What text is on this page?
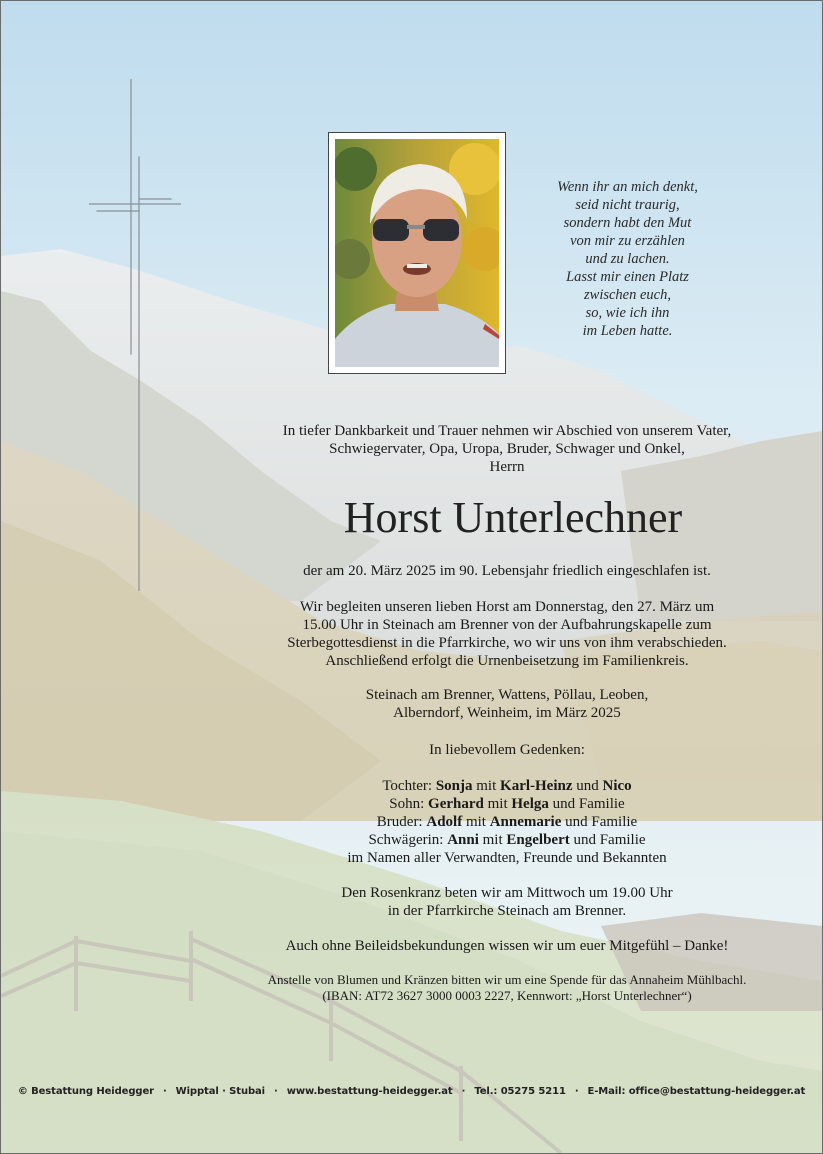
Wenn ihr an mich denkt,
seid nicht traurig,
sondern habt den Mut
von mir zu erzählen
und zu lachen.
Lasst mir einen Platz
zwischen euch,
so, wie ich ihn
im Leben hatte.
In tiefer Dankbarkeit und Trauer nehmen wir Abschied von unserem Vater,
Schwiegervater, Opa, Uropa, Bruder, Schwager und Onkel,
Herrn
Horst Unterlechner
der am 20. März 2025 im 90. Lebensjahr friedlich eingeschlafen ist.
Wir begleiten unseren lieben Horst am Donnerstag, den 27. März um
15.00 Uhr in Steinach am Brenner von der Aufbahrungskapelle zum
Sterbegottesdienst in die Pfarrkirche, wo wir uns von ihm verabschieden.
Anschließend erfolgt die Urnenbeisetzung im Familienkreis.
Steinach am Brenner, Wattens, Pöllau, Leoben,
Alberndorf, Weinheim, im März 2025
In liebevollem Gedenken:
Tochter: Sonja mit Karl-Heinz und Nico
Sohn: Gerhard mit Helga und Familie
Bruder: Adolf mit Annemarie und Familie
Schwägerin: Anni mit Engelbert und Familie
im Namen aller Verwandten, Freunde und Bekannten
Den Rosenkranz beten wir am Mittwoch um 19.00 Uhr
in der Pfarrkirche Steinach am Brenner.
Auch ohne Beileidsbekundungen wissen wir um euer Mitgefühl – Danke!
Anstelle von Blumen und Kränzen bitten wir um eine Spende für das Annaheim Mühlbachl.
(IBAN: AT72 3627 3000 0003 2227, Kennwort: „Horst Unterlechner“)
© Bestattung Heidegger · Wipptal · Stubai · www.bestattung-heidegger.at · Tel.: 05275 5211 · E-Mail: office@bestattung-heidegger.at
